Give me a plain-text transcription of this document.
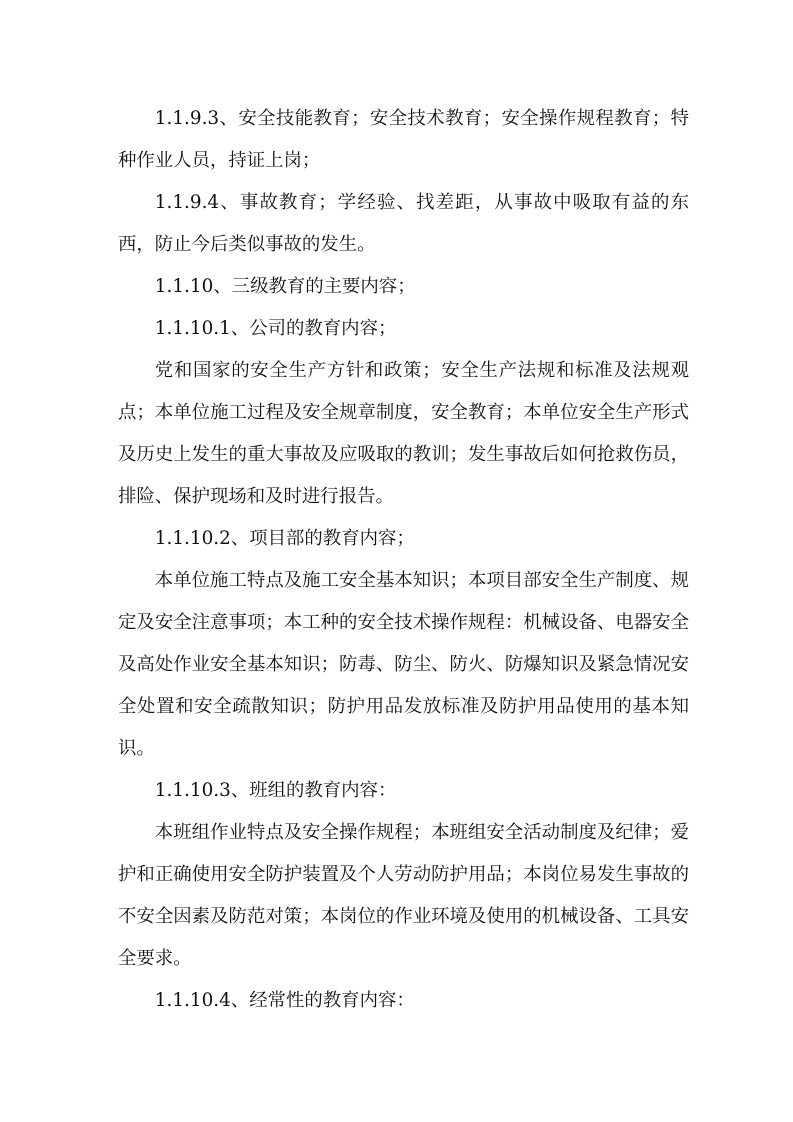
1.1.9.3、安全技能教育；安全技术教育；安全操作规程教育；特种作业人员，持证上岗；

1.1.9.4、事故教育；学经验、找差距，从事故中吸取有益的东西，防止今后类似事故的发生。

1.1.10、三级教育的主要内容；

1.1.10.1、公司的教育内容；

党和国家的安全生产方针和政策；安全生产法规和标准及法规观点；本单位施工过程及安全规章制度，安全教育；本单位安全生产形式及历史上发生的重大事故及应吸取的教训；发生事故后如何抢救伤员，排险、保护现场和及时进行报告。

1.1.10.2、项目部的教育内容；

本单位施工特点及施工安全基本知识；本项目部安全生产制度、规定及安全注意事项；本工种的安全技术操作规程：机械设备、电器安全及高处作业安全基本知识；防毒、防尘、防火、防爆知识及紧急情况安全处置和安全疏散知识；防护用品发放标准及防护用品使用的基本知识。

1.1.10.3、班组的教育内容：

本班组作业特点及安全操作规程；本班组安全活动制度及纪律；爱护和正确使用安全防护装置及个人劳动防护用品；本岗位易发生事故的不安全因素及防范对策；本岗位的作业环境及使用的机械设备、工具安全要求。

1.1.10.4、经常性的教育内容：
